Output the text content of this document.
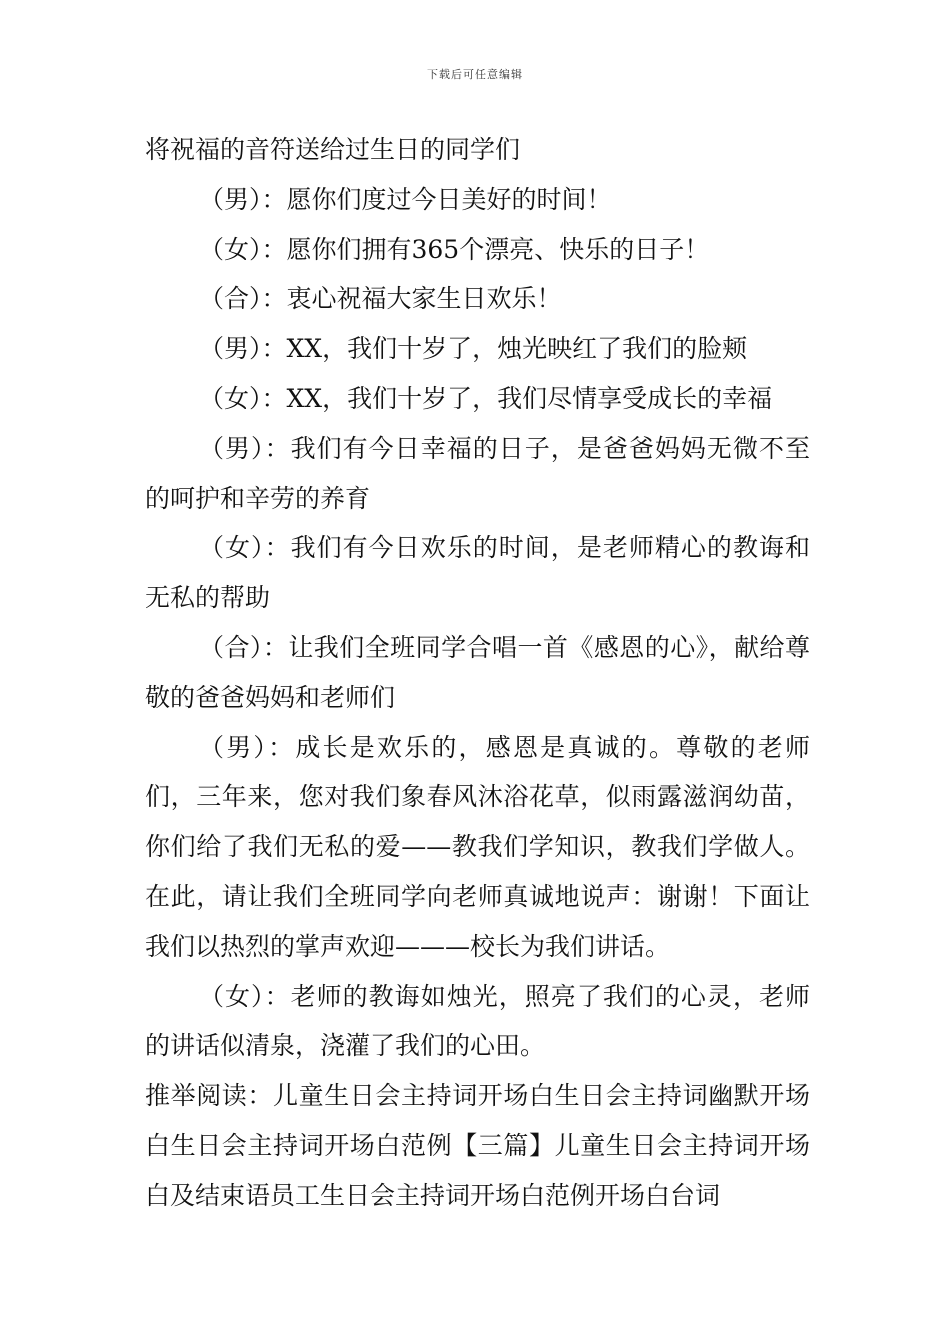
下载后可任意编辑

将祝福的音符送给过生日的同学们

（男）：愿你们度过今日美好的时间！

（女）：愿你们拥有365个漂亮、快乐的日子！

（合）：衷心祝福大家生日欢乐！

（男）：XX，我们十岁了，烛光映红了我们的脸颊

（女）：XX，我们十岁了，我们尽情享受成长的幸福

（男）：我们有今日幸福的日子，是爸爸妈妈无微不至的呵护和辛劳的养育

（女）：我们有今日欢乐的时间，是老师精心的教诲和无私的帮助

（合）：让我们全班同学合唱一首《感恩的心》，献给尊敬的爸爸妈妈和老师们

（男）：成长是欢乐的，感恩是真诚的。尊敬的老师们，三年来，您对我们象春风沐浴花草，似雨露滋润幼苗，你们给了我们无私的爱——教我们学知识，教我们学做人。在此，请让我们全班同学向老师真诚地说声：谢谢！下面让我们以热烈的掌声欢迎———校长为我们讲话。

（女）：老师的教诲如烛光，照亮了我们的心灵，老师的讲话似清泉，浇灌了我们的心田。

推举阅读：儿童生日会主持词开场白生日会主持词幽默开场白生日会主持词开场白范例【三篇】儿童生日会主持词开场白及结束语员工生日会主持词开场白范例开场白台词
